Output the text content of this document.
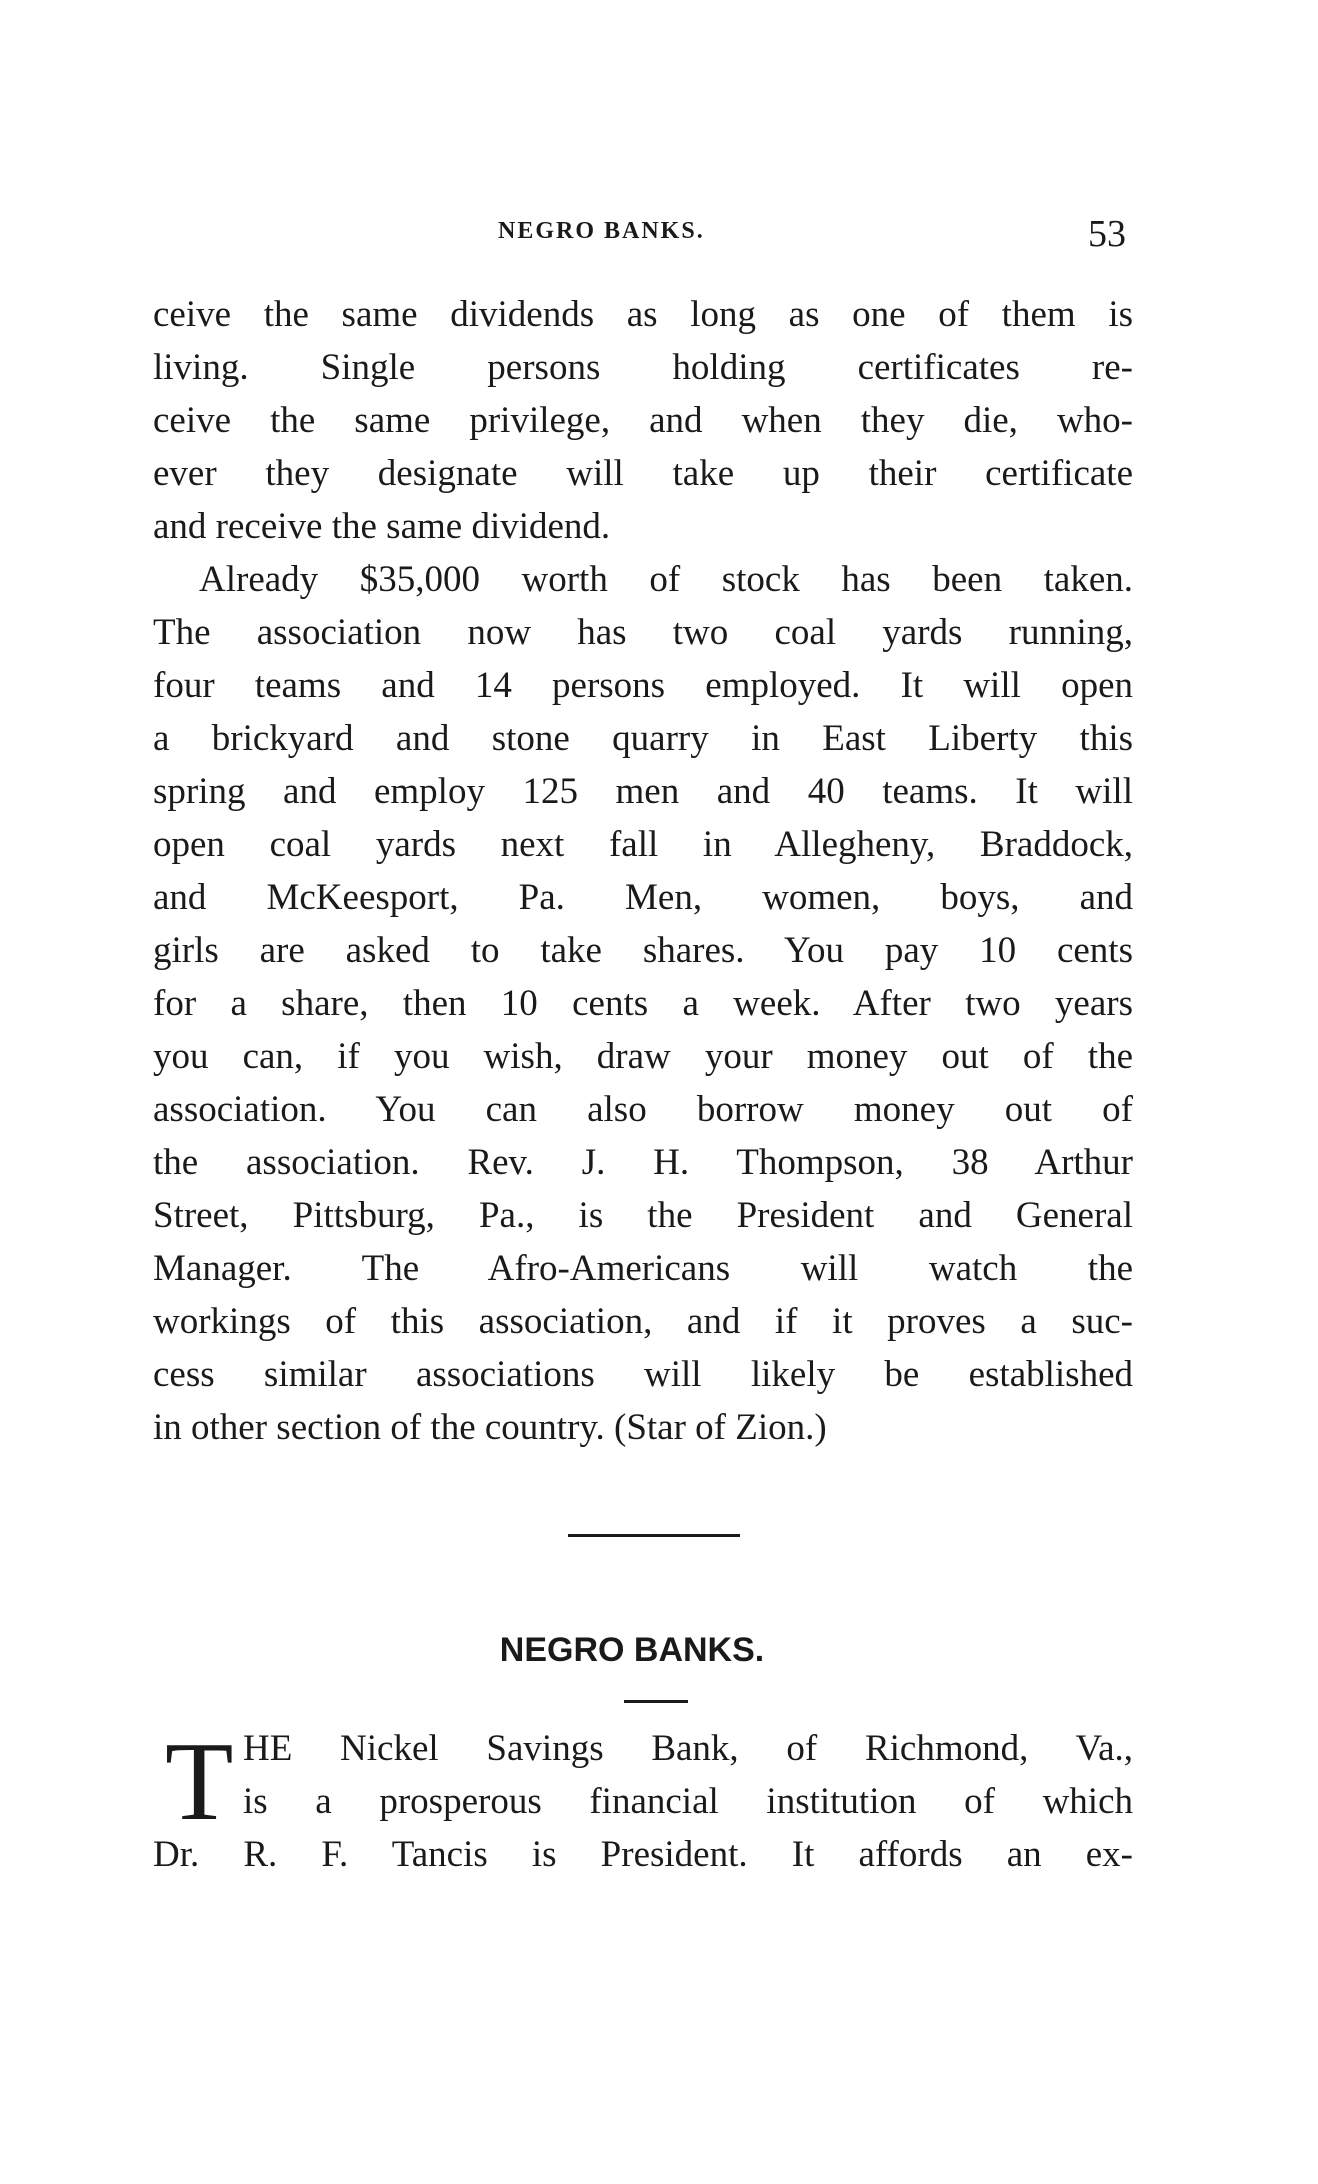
NEGRO BANKS.	53
ceive the same dividends as long as one of them is
living. Single persons holding certificates re-
ceive the same privilege, and when they die, who-
ever they designate will take up their certificate
and receive the same dividend.
Already $35,000 worth of stock has been taken.
The association now has two coal yards running,
four teams and 14 persons employed. It will open
a brickyard and stone quarry in East Liberty this
spring and employ 125 men and 40 teams. It will
open coal yards next fall in Allegheny, Braddock,
and McKeesport, Pa. Men, women, boys, and
girls are asked to take shares. You pay 10 cents
for a share, then 10 cents a week. After two years
you can, if you wish, draw your money out of the
association. You can also borrow money out of
the association. Rev. J. H. Thompson, 38 Arthur
Street, Pittsburg, Pa., is the President and General
Manager. The Afro-Americans will watch the
workings of this association, and if it proves a suc-
cess similar associations will likely be established
in other section of the country. (Star of Zion.)
NEGRO BANKS.
T HE Nickel Savings Bank, of Richmond, Va.,
is a prosperous financial institution of which
Dr. R. F. Tancis is President. It affords an ex-
